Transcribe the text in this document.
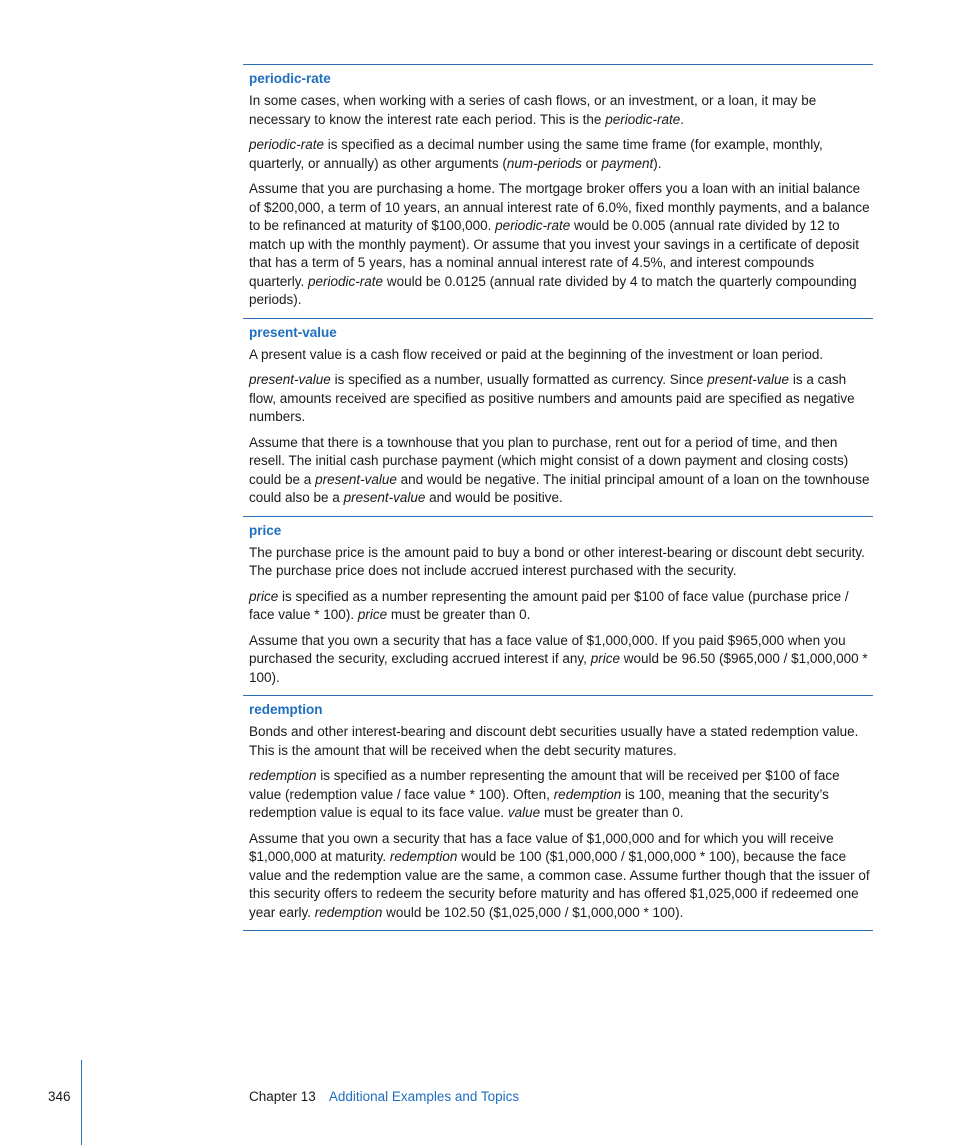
periodic-rate

In some cases, when working with a series of cash flows, or an investment, or a loan, it may be necessary to know the interest rate each period. This is the periodic-rate.

periodic-rate is specified as a decimal number using the same time frame (for example, monthly, quarterly, or annually) as other arguments (num-periods or payment).

Assume that you are purchasing a home. The mortgage broker offers you a loan with an initial balance of $200,000, a term of 10 years, an annual interest rate of 6.0%, fixed monthly payments, and a balance to be refinanced at maturity of $100,000. periodic-rate would be 0.005 (annual rate divided by 12 to match up with the monthly payment). Or assume that you invest your savings in a certificate of deposit that has a term of 5 years, has a nominal annual interest rate of 4.5%, and interest compounds quarterly. periodic-rate would be 0.0125 (annual rate divided by 4 to match the quarterly compounding periods).

present-value

A present value is a cash flow received or paid at the beginning of the investment or loan period.

present-value is specified as a number, usually formatted as currency. Since present-value is a cash flow, amounts received are specified as positive numbers and amounts paid are specified as negative numbers.

Assume that there is a townhouse that you plan to purchase, rent out for a period of time, and then resell. The initial cash purchase payment (which might consist of a down payment and closing costs) could be a present-value and would be negative. The initial principal amount of a loan on the townhouse could also be a present-value and would be positive.

price

The purchase price is the amount paid to buy a bond or other interest-bearing or discount debt security. The purchase price does not include accrued interest purchased with the security.

price is specified as a number representing the amount paid per $100 of face value (purchase price / face value * 100). price must be greater than 0.

Assume that you own a security that has a face value of $1,000,000. If you paid $965,000 when you purchased the security, excluding accrued interest if any, price would be 96.50 ($965,000 / $1,000,000 * 100).

redemption

Bonds and other interest-bearing and discount debt securities usually have a stated redemption value. This is the amount that will be received when the debt security matures.

redemption is specified as a number representing the amount that will be received per $100 of face value (redemption value / face value * 100). Often, redemption is 100, meaning that the security’s redemption value is equal to its face value. value must be greater than 0.

Assume that you own a security that has a face value of $1,000,000 and for which you will receive $1,000,000 at maturity. redemption would be 100 ($1,000,000 / $1,000,000 * 100), because the face value and the redemption value are the same, a common case. Assume further though that the issuer of this security offers to redeem the security before maturity and has offered $1,025,000 if redeemed one year early. redemption would be 102.50 ($1,025,000 / $1,000,000 * 100).

346	Chapter 13 Additional Examples and Topics
